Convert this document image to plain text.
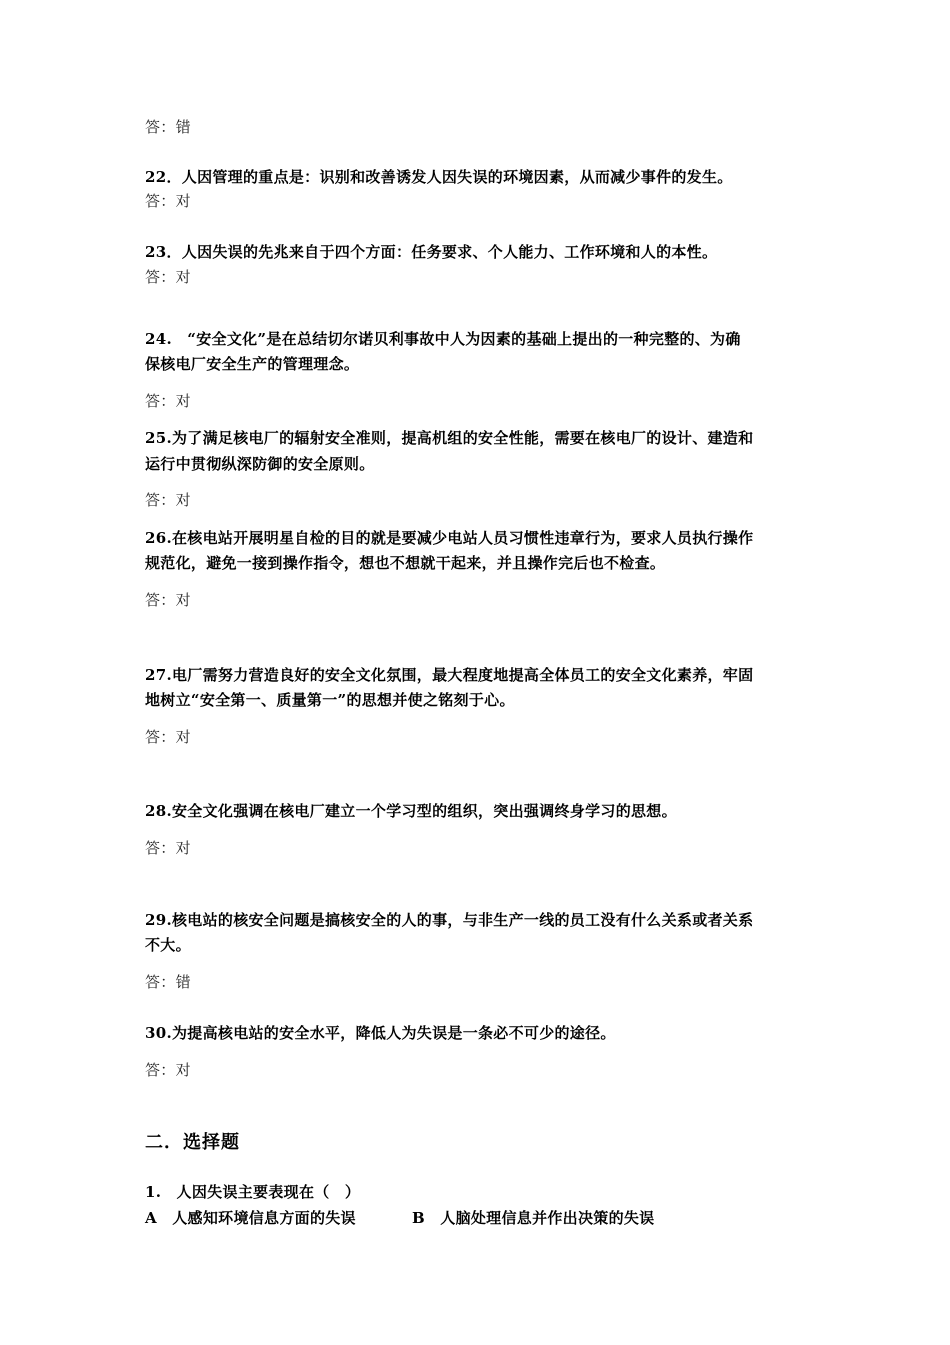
答：错
22．人因管理的重点是：识别和改善诱发人因失误的环境因素，从而减少事件的发生。
答：对
23．人因失误的先兆来自于四个方面：任务要求、个人能力、工作环境和人的本性。
答：对
24.　“安全文化”是在总结切尔诺贝利事故中人为因素的基础上提出的一种完整的、为确
保核电厂安全生产的管理理念。
答：对
25.为了满足核电厂的辐射安全准则，提高机组的安全性能，需要在核电厂的设计、建造和
运行中贯彻纵深防御的安全原则。
答：对
26.在核电站开展明星自检的目的就是要减少电站人员习惯性违章行为，要求人员执行操作
规范化，避免一接到操作指令，想也不想就干起来，并且操作完后也不检查。
答：对
27.电厂需努力营造良好的安全文化氛围，最大程度地提高全体员工的安全文化素养，牢固
地树立“安全第一、质量第一”的思想并使之铭刻于心。
答：对
28.安全文化强调在核电厂建立一个学习型的组织，突出强调终身学习的思想。
答：对
29.核电站的核安全问题是搞核安全的人的事，与非生产一线的员工没有什么关系或者关系
不大。
答：错
30.为提高核电站的安全水平，降低人为失误是一条必不可少的途径。
答：对
二．选择题
1.　人因失误主要表现在（　）
A　人感知环境信息方面的失误	B　人脑处理信息并作出决策的失误
